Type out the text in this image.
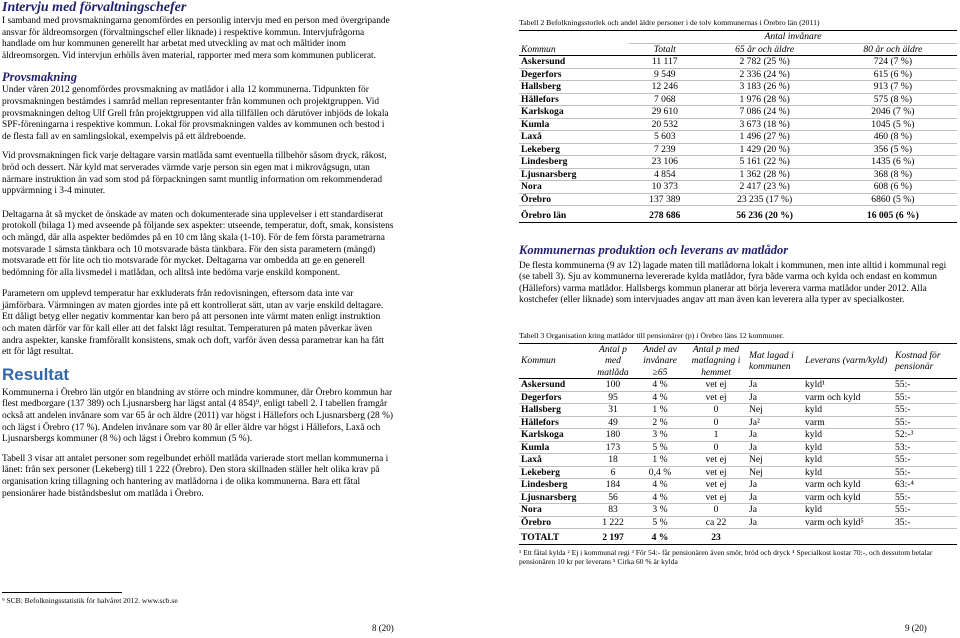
Intervju med förvaltningschefer
I samband med provsmakningarna genomfördes en personlig intervju med en person med övergripande ansvar för äldreomsorgen (förvaltningschef eller liknade) i respektive kommun. Intervjufrågorna handlade om hur kommunen generellt har arbetat med utveckling av mat och måltider inom äldreomsorgen. Vid intervjun erhölls även material, rapporter med mera som kommunen publicerat.
Provsmakning
Under våren 2012 genomfördes provsmakning av matlådor i alla 12 kommunerna. Tidpunkten för provsmakningen bestämdes i samråd mellan representanter från kommunen och projektgruppen. Vid provsmakningen deltog Ulf Grell från projektgruppen vid alla tillfällen och därutöver inbjöds de lokala SPF-föreningarna i respektive kommun. Lokal för provsmakningen valdes av kommunen och bestod i de flesta fall av en samlingslokal, exempelvis på ett äldreboende.
Vid provsmakningen fick varje deltagare varsin matlåda samt eventuella tillbehör såsom dryck, råkost, bröd och dessert. När kyld mat serverades värmde varje person sin egen mat i mikrovågsugn, utan närmare instruktion än vad som stod på förpackningen samt muntlig information om rekommenderad uppvärmning i 3-4 minuter.
Deltagarna åt så mycket de önskade av maten och dokumenterade sina upplevelser i ett standardiserat protokoll (bilaga 1) med avseende på följande sex aspekter: utseende, temperatur, doft, smak, konsistens och mängd, där alla aspekter bedömdes på en 10 cm lång skala (1-10). För de fem första parametrarna motsvarade 1 sämsta tänkbara och 10 motsvarade bästa tänkbara. För den sista parametern (mängd) motsvarade ett för lite och tio motsvarade för mycket. Deltagarna var ombedda att ge en generell bedömning för alla livsmedel i matlådan, och alltså inte bedöma varje enskild komponent.
Parametern om upplevd temperatur har exkluderats från redovisningen, eftersom data inte var jämförbara. Värmningen av maten gjordes inte på ett kontrollerat sätt, utan av varje enskild deltagare. Ett dåligt betyg eller negativ kommentar kan bero på att personen inte värmt maten enligt instruktion och maten därför var för kall eller att det falskt lågt resultat. Temperaturen på maten påverkar även andra aspekter, kanske framförallt konsistens, smak och doft, varför även dessa parametrar kan ha fått ett för lågt resultat.
Resultat
Kommunerna i Örebro län utgör en blandning av större och mindre kommuner, där Örebro kommun har flest medborgare (137 389) och Ljusnarsberg har lägst antal (4 854)⁹, enligt tabell 2. I tabellen framgår också att andelen invånare som var 65 år och äldre (2011) var högst i Hällefors och Ljusnarsberg (28 %) och lägst i Örebro (17 %). Andelen invånare som var 80 år eller äldre var högst i Hällefors, Laxå och Ljusnarsbergs kommuner (8 %) och lägst i Örebro kommun (5 %).
Tabell 3 visar att antalet personer som regelbundet erhöll matlåda varierade stort mellan kommunerna i länet: från sex personer (Lekeberg) till 1 222 (Örebro). Den stora skillnaden ställer helt olika krav på organisation kring tillagning och hantering av matlådorna i de olika kommunerna. Bara ett fåtal pensionärer hade biståndsbeslut om matlåda i Örebro.
⁹ SCB: Befolkningsstatistik för halvåret 2012. www.scb.se
8 (20)
Tabell 2 Befolkningsstorlek och andel äldre personer i de tolv kommunernas i Örebro län (2011)
Kommun	Antal invånare		
	Totalt	65 år och äldre	80 år och äldre
Askersund	11 117	2 782 (25 %)	724 (7 %)
Degerfors	9 549	2 336 (24 %)	615 (6 %)
Hallsberg	12 246	3 183 (26 %)	913 (7 %)
Hällefors	7 068	1 976 (28 %)	575 (8 %)
Karlskoga	29 610	7 086 (24 %)	2046 (7 %)
Kumla	20 532	3 673 (18 %)	1045 (5 %)
Laxå	5 603	1 496 (27 %)	460 (8 %)
Lekeberg	7 239	1 429 (20 %)	356 (5 %)
Lindesberg	23 106	5 161 (22 %)	1435 (6 %)
Ljusnarsberg	4 854	1 362 (28 %)	368 (8 %)
Nora	10 373	2 417 (23 %)	608 (6 %)
Örebro	137 389	23 235 (17 %)	6860 (5 %)
Örebro län	278 686	56 236 (20 %)	16 005 (6 %)
Kommunernas produktion och leverans av matlådor
De flesta kommunerna (9 av 12) lagade maten till matlådorna lokalt i kommunen, men inte alltid i kommunal regi (se tabell 3). Sju av kommunerna levererade kylda matlådor, fyra både varma och kylda och endast en kommun (Hällefors) varma matlådor. Hallsbergs kommun planerar att börja leverera varma matlådor under 2012. Alla kostchefer (eller liknade) som intervjuades angav att man även kan leverera alla typer av specialkoster.
Tabell 3 Organisation kring matlådor till pensionärer (p) i Örebro läns 12 kommuner.
Kommun	Antal p med matlåda	Andel av invånare ≥65	Antal p med matlagning i hemmet	Mat lagad i kommunen	Leverans (varm/kyld)	Kostnad för pensionär
Askersund	100	4 %	vet ej	Ja	kyld¹	55:-
Degerfors	95	4 %	vet ej	Ja	varm och kyld	55:-
Hallsberg	31	1 %	0	Nej	kyld	55:-
Hällefors	49	2 %	0	Ja²	varm	55:-
Karlskoga	180	3 %	1	Ja	kyld	52:-³
Kumla	173	5 %	0	Ja	kyld	53:-
Laxå	18	1 %	vet ej	Nej	kyld	55:-
Lekeberg	6	0,4 %	vet ej	Nej	kyld	55:-
Lindesberg	184	4 %	vet ej	Ja	varm och kyld	63:-⁴
Ljusnarsberg	56	4 %	vet ej	Ja	varm och kyld	55:-
Nora	83	3 %	0	Ja	kyld	55:-
Örebro	1 222	5 %	ca 22	Ja	varm och kyld⁵	35:-
TOTALT	2 197	4 %	23			
¹ Ett fåtal kylda ² Ej i kommunal regi ³ För 54:- får pensionären även smör, bröd och dryck ⁴ Specialkost kostar 70:-, och dessutom betalar pensionären 10 kr per leverans ⁵ Cirka 60 % är kylda
9 (20)
